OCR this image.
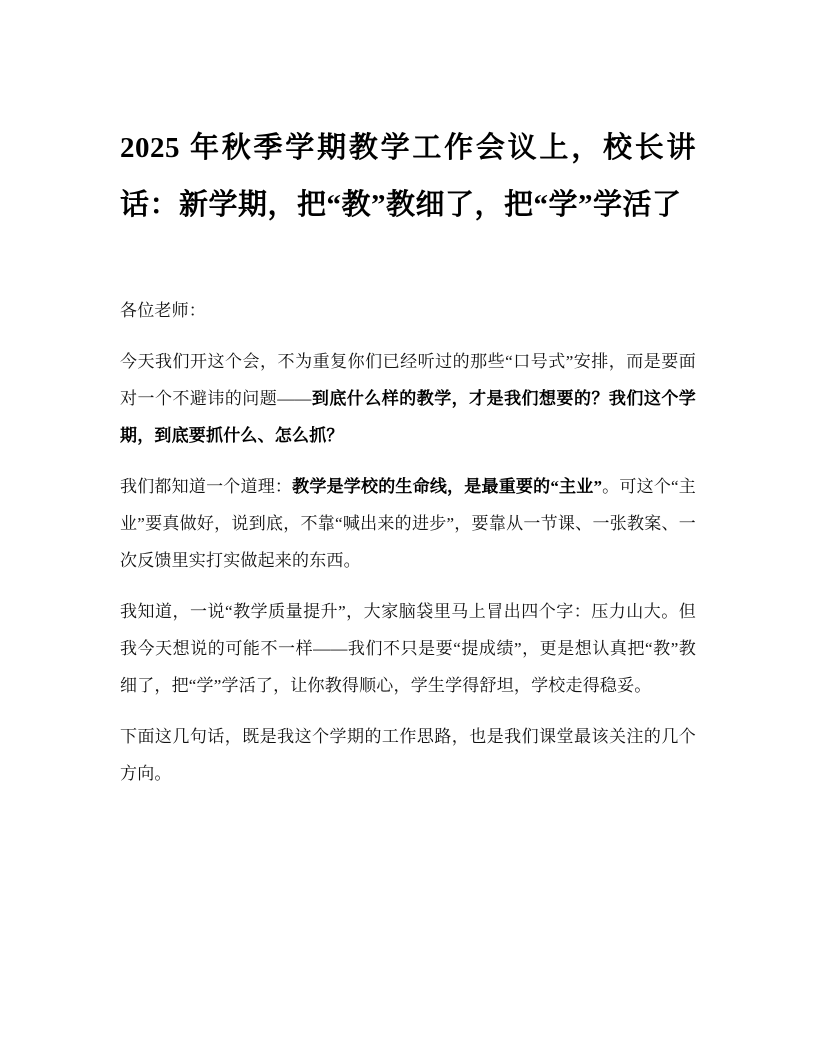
2025 年秋季学期教学工作会议上，校长讲话：新学期，把“教”教细了，把“学”学活了

各位老师：

今天我们开这个会，不为重复你们已经听过的那些“口号式”安排，而是要面对一个不避讳的问题——到底什么样的教学，才是我们想要的？我们这个学期，到底要抓什么、怎么抓？

我们都知道一个道理：教学是学校的生命线，是最重要的“主业”。可这个“主业”要真做好，说到底，不靠“喊出来的进步”，要靠从一节课、一张教案、一次反馈里实打实做起来的东西。

我知道，一说“教学质量提升”，大家脑袋里马上冒出四个字：压力山大。但我今天想说的可能不一样——我们不只是要“提成绩”，更是想认真把“教”教细了，把“学”学活了，让你教得顺心，学生学得舒坦，学校走得稳妥。

下面这几句话，既是我这个学期的工作思路，也是我们课堂最该关注的几个方向。
